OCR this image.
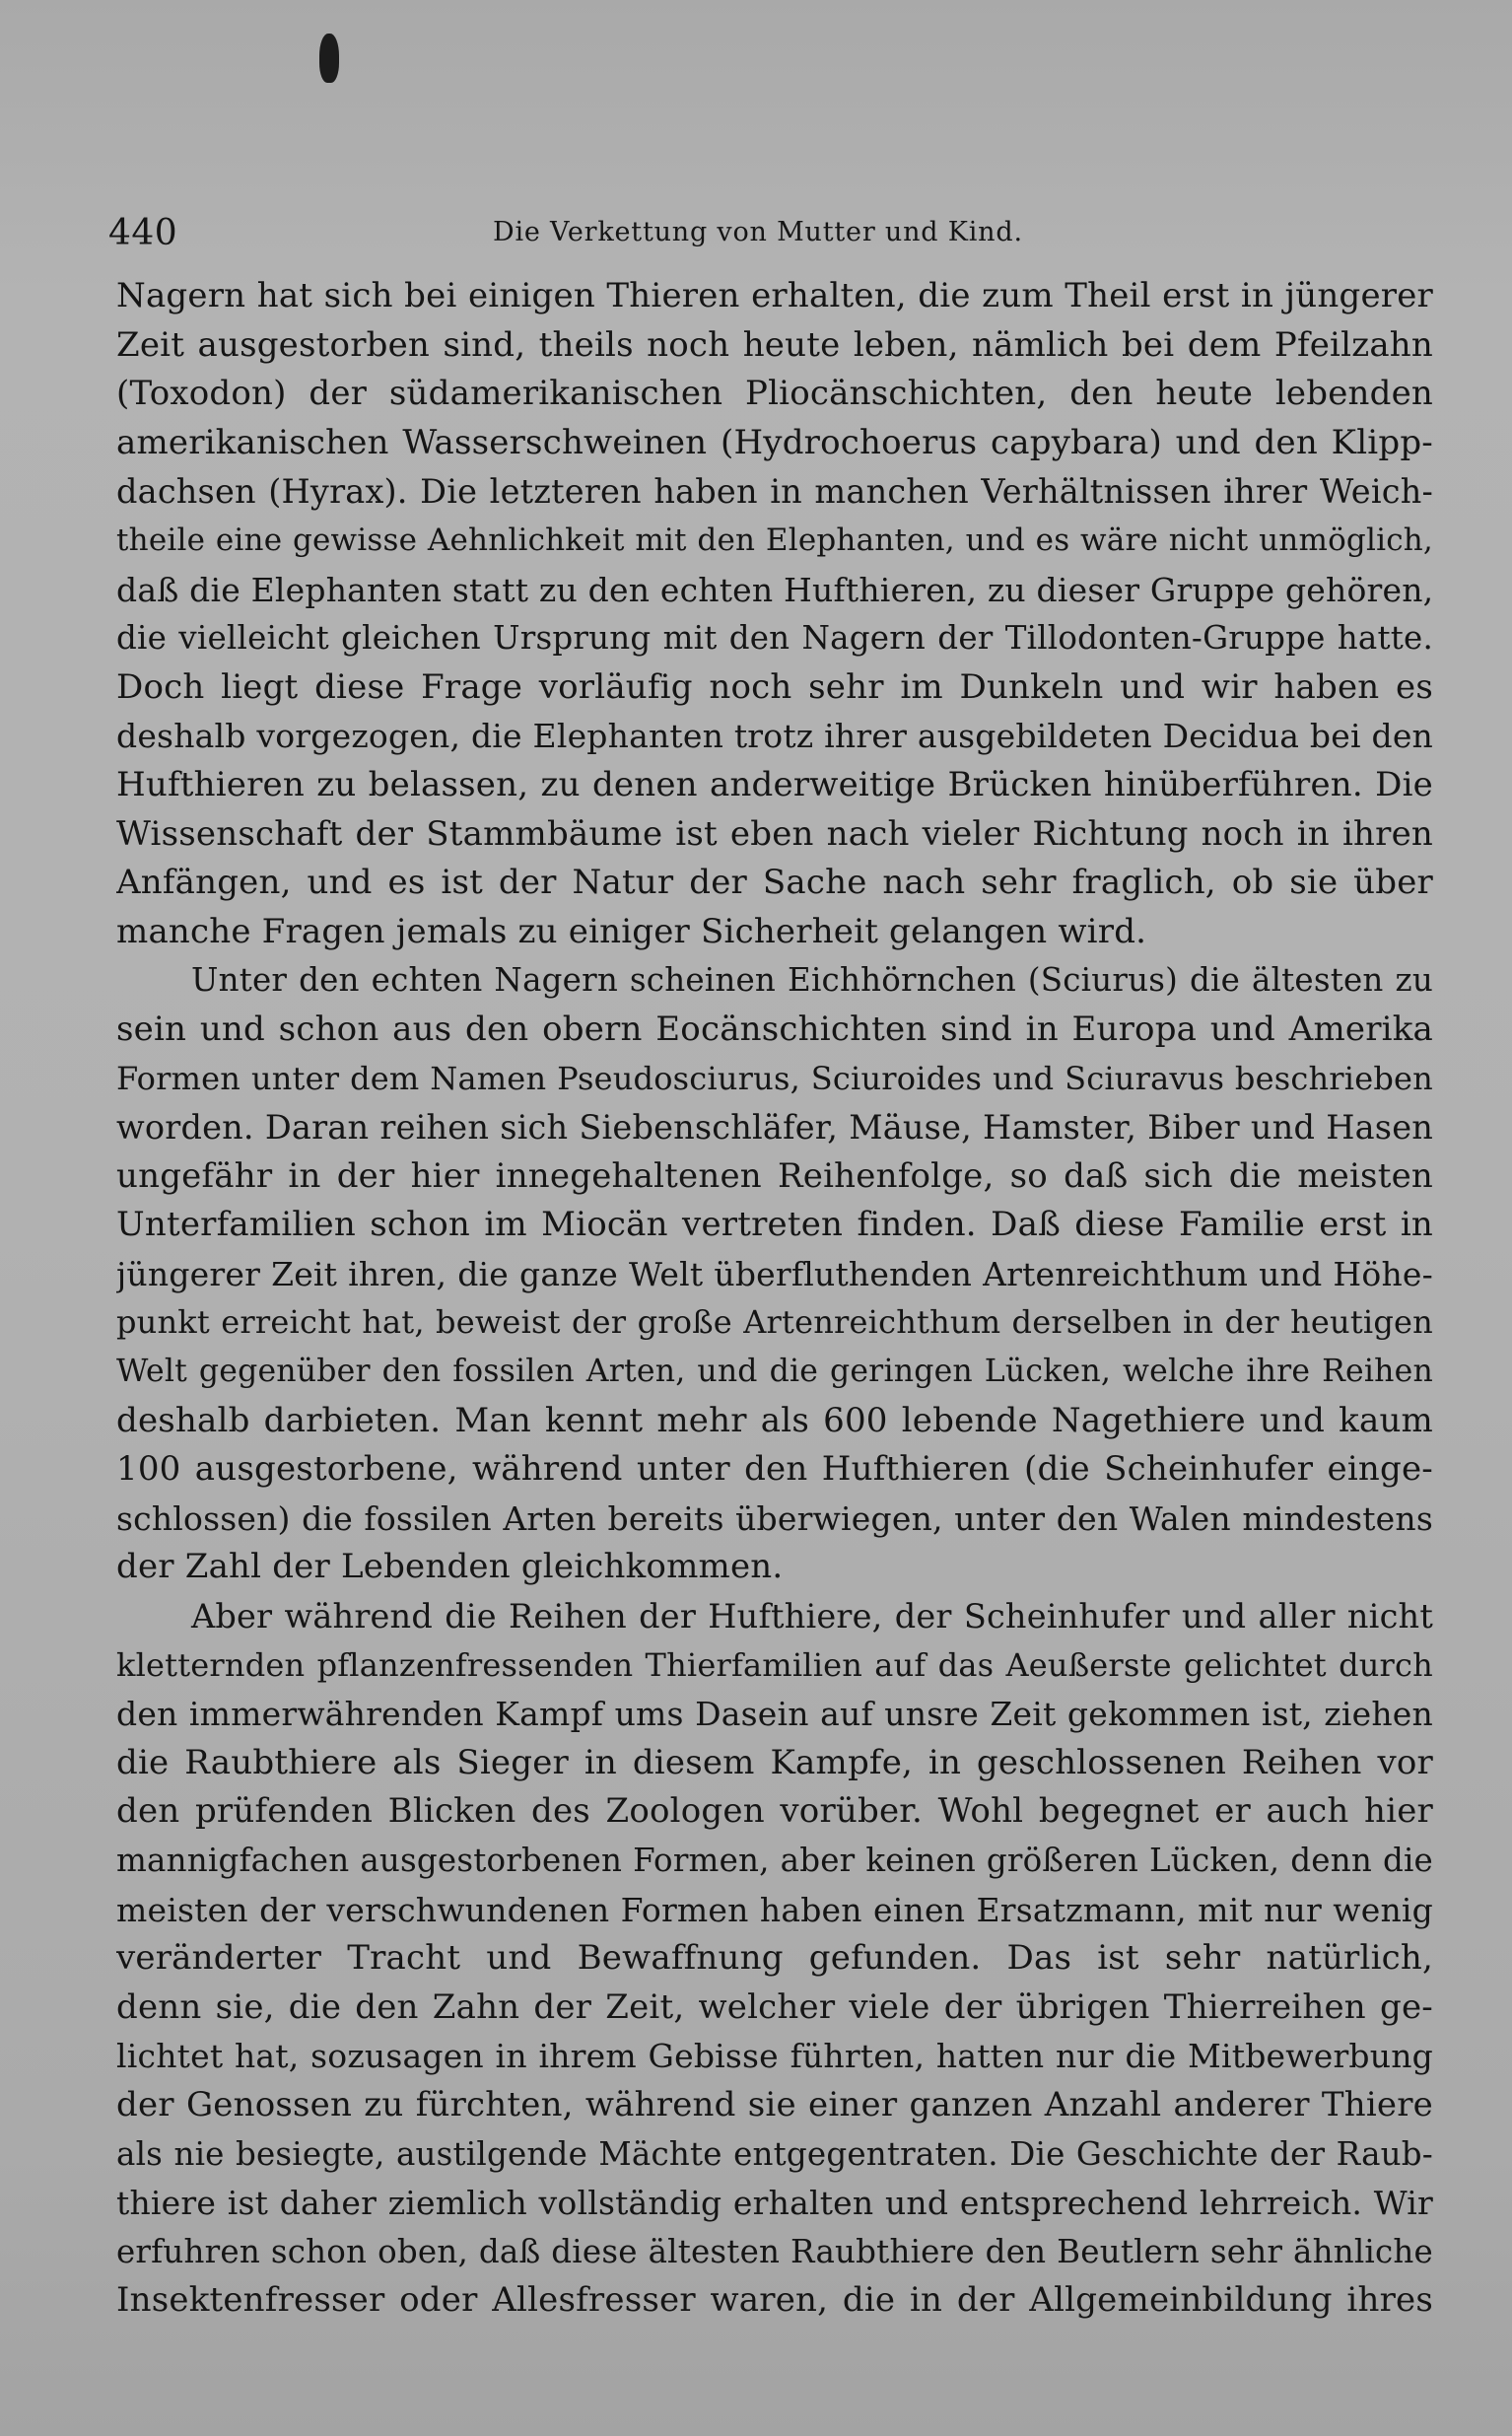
440	Die Verkettung von Mutter und Kind.
Nagern hat sich bei einigen Thieren erhalten, die zum Theil erst in jüngerer
Zeit ausgestorben sind, theils noch heute leben, nämlich bei dem Pfeilzahn
(Toxodon) der südamerikanischen Pliocänschichten, den heute lebenden
amerikanischen Wasserschweinen (Hydrochoerus capybara) und den Klipp-
dachsen (Hyrax). Die letzteren haben in manchen Verhältnissen ihrer Weich-
theile eine gewisse Aehnlichkeit mit den Elephanten, und es wäre nicht unmöglich,
daß die Elephanten statt zu den echten Hufthieren, zu dieser Gruppe gehören,
die vielleicht gleichen Ursprung mit den Nagern der Tillodonten-Gruppe hatte.
Doch liegt diese Frage vorläufig noch sehr im Dunkeln und wir haben es
deshalb vorgezogen, die Elephanten trotz ihrer ausgebildeten Decidua bei den
Hufthieren zu belassen, zu denen anderweitige Brücken hinüberführen. Die
Wissenschaft der Stammbäume ist eben nach vieler Richtung noch in ihren
Anfängen, und es ist der Natur der Sache nach sehr fraglich, ob sie über
manche Fragen jemals zu einiger Sicherheit gelangen wird.
Unter den echten Nagern scheinen Eichhörnchen (Sciurus) die ältesten zu
sein und schon aus den obern Eocänschichten sind in Europa und Amerika
Formen unter dem Namen Pseudosciurus, Sciuroides und Sciuravus beschrieben
worden. Daran reihen sich Siebenschläfer, Mäuse, Hamster, Biber und Hasen
ungefähr in der hier innegehaltenen Reihenfolge, so daß sich die meisten
Unterfamilien schon im Miocän vertreten finden. Daß diese Familie erst in
jüngerer Zeit ihren, die ganze Welt überfluthenden Artenreichthum und Höhe-
punkt erreicht hat, beweist der große Artenreichthum derselben in der heutigen
Welt gegenüber den fossilen Arten, und die geringen Lücken, welche ihre Reihen
deshalb darbieten. Man kennt mehr als 600 lebende Nagethiere und kaum
100 ausgestorbene, während unter den Hufthieren (die Scheinhufer einge-
schlossen) die fossilen Arten bereits überwiegen, unter den Walen mindestens
der Zahl der Lebenden gleichkommen.
Aber während die Reihen der Hufthiere, der Scheinhufer und aller nicht
kletternden pflanzenfressenden Thierfamilien auf das Aeußerste gelichtet durch
den immerwährenden Kampf ums Dasein auf unsre Zeit gekommen ist, ziehen
die Raubthiere als Sieger in diesem Kampfe, in geschlossenen Reihen vor
den prüfenden Blicken des Zoologen vorüber. Wohl begegnet er auch hier
mannigfachen ausgestorbenen Formen, aber keinen größeren Lücken, denn die
meisten der verschwundenen Formen haben einen Ersatzmann, mit nur wenig
veränderter Tracht und Bewaffnung gefunden. Das ist sehr natürlich,
denn sie, die den Zahn der Zeit, welcher viele der übrigen Thierreihen ge-
lichtet hat, sozusagen in ihrem Gebisse führten, hatten nur die Mitbewerbung
der Genossen zu fürchten, während sie einer ganzen Anzahl anderer Thiere
als nie besiegte, austilgende Mächte entgegentraten. Die Geschichte der Raub-
thiere ist daher ziemlich vollständig erhalten und entsprechend lehrreich. Wir
erfuhren schon oben, daß diese ältesten Raubthiere den Beutlern sehr ähnliche
Insektenfresser oder Allesfresser waren, die in der Allgemeinbildung ihres
